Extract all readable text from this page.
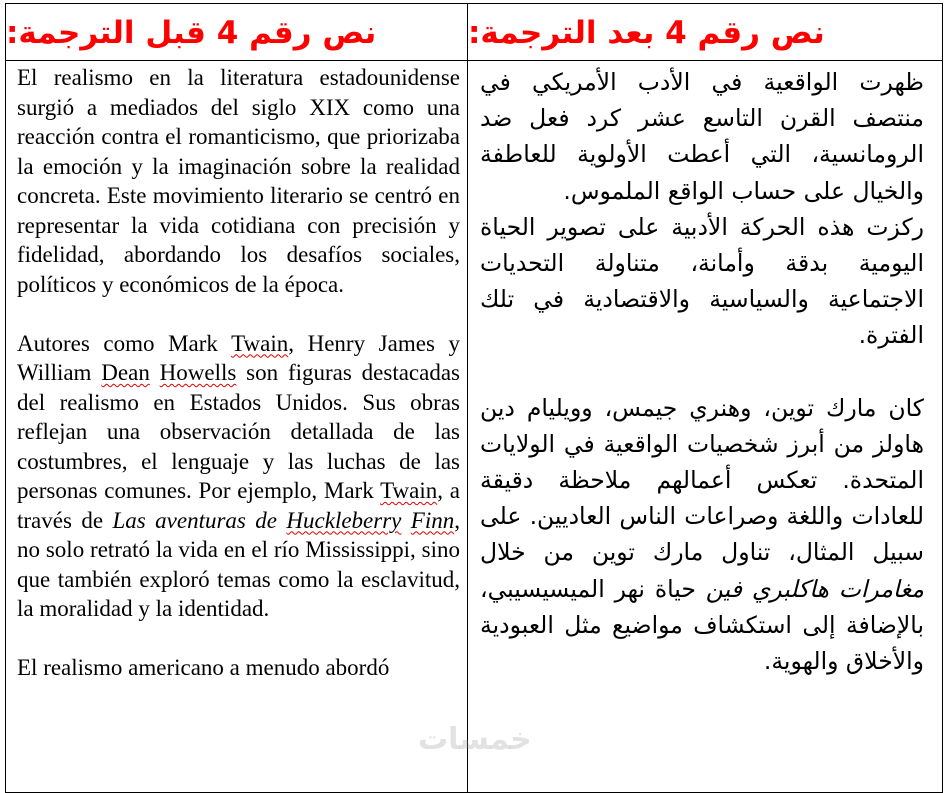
نص رقم 4 قبل الترجمة:	نص رقم 4 بعد الترجمة:

El realismo en la literatura estadounidense surgió a mediados del siglo XIX como una reacción contra el romanticismo, que priorizaba la emoción y la imaginación sobre la realidad concreta. Este movimiento literario se centró en representar la vida cotidiana con precisión y fidelidad, abordando los desafíos sociales, políticos y económicos de la época.

Autores como Mark Twain, Henry James y William Dean Howells son figuras destacadas del realismo en Estados Unidos. Sus obras reflejan una observación detallada de las costumbres, el lenguaje y las luchas de las personas comunes. Por ejemplo, Mark Twain, a través de Las aventuras de Huckleberry Finn, no solo retrató la vida en el río Mississippi, sino que también exploró temas como la esclavitud, la moralidad y la identidad.

El realismo americano a menudo abordó

ظهرت الواقعية في الأدب الأمريكي في منتصف القرن التاسع عشر كرد فعل ضد الرومانسية، التي أعطت الأولوية للعاطفة والخيال على حساب الواقع الملموس.

ركزت هذه الحركة الأدبية على تصوير الحياة اليومية بدقة وأمانة، متناولة التحديات الاجتماعية والسياسية والاقتصادية في تلك الفترة.

كان مارك توين، وهنري جيمس، وويليام دين هاولز من أبرز شخصيات الواقعية في الولايات المتحدة. تعكس أعمالهم ملاحظة دقيقة للعادات واللغة وصراعات الناس العاديين. على سبيل المثال، تناول مارك توين من خلال مغامرات هاكلبري فين حياة نهر الميسيسيبي، بالإضافة إلى استكشاف مواضيع مثل العبودية والأخلاق والهوية.

خمسات
